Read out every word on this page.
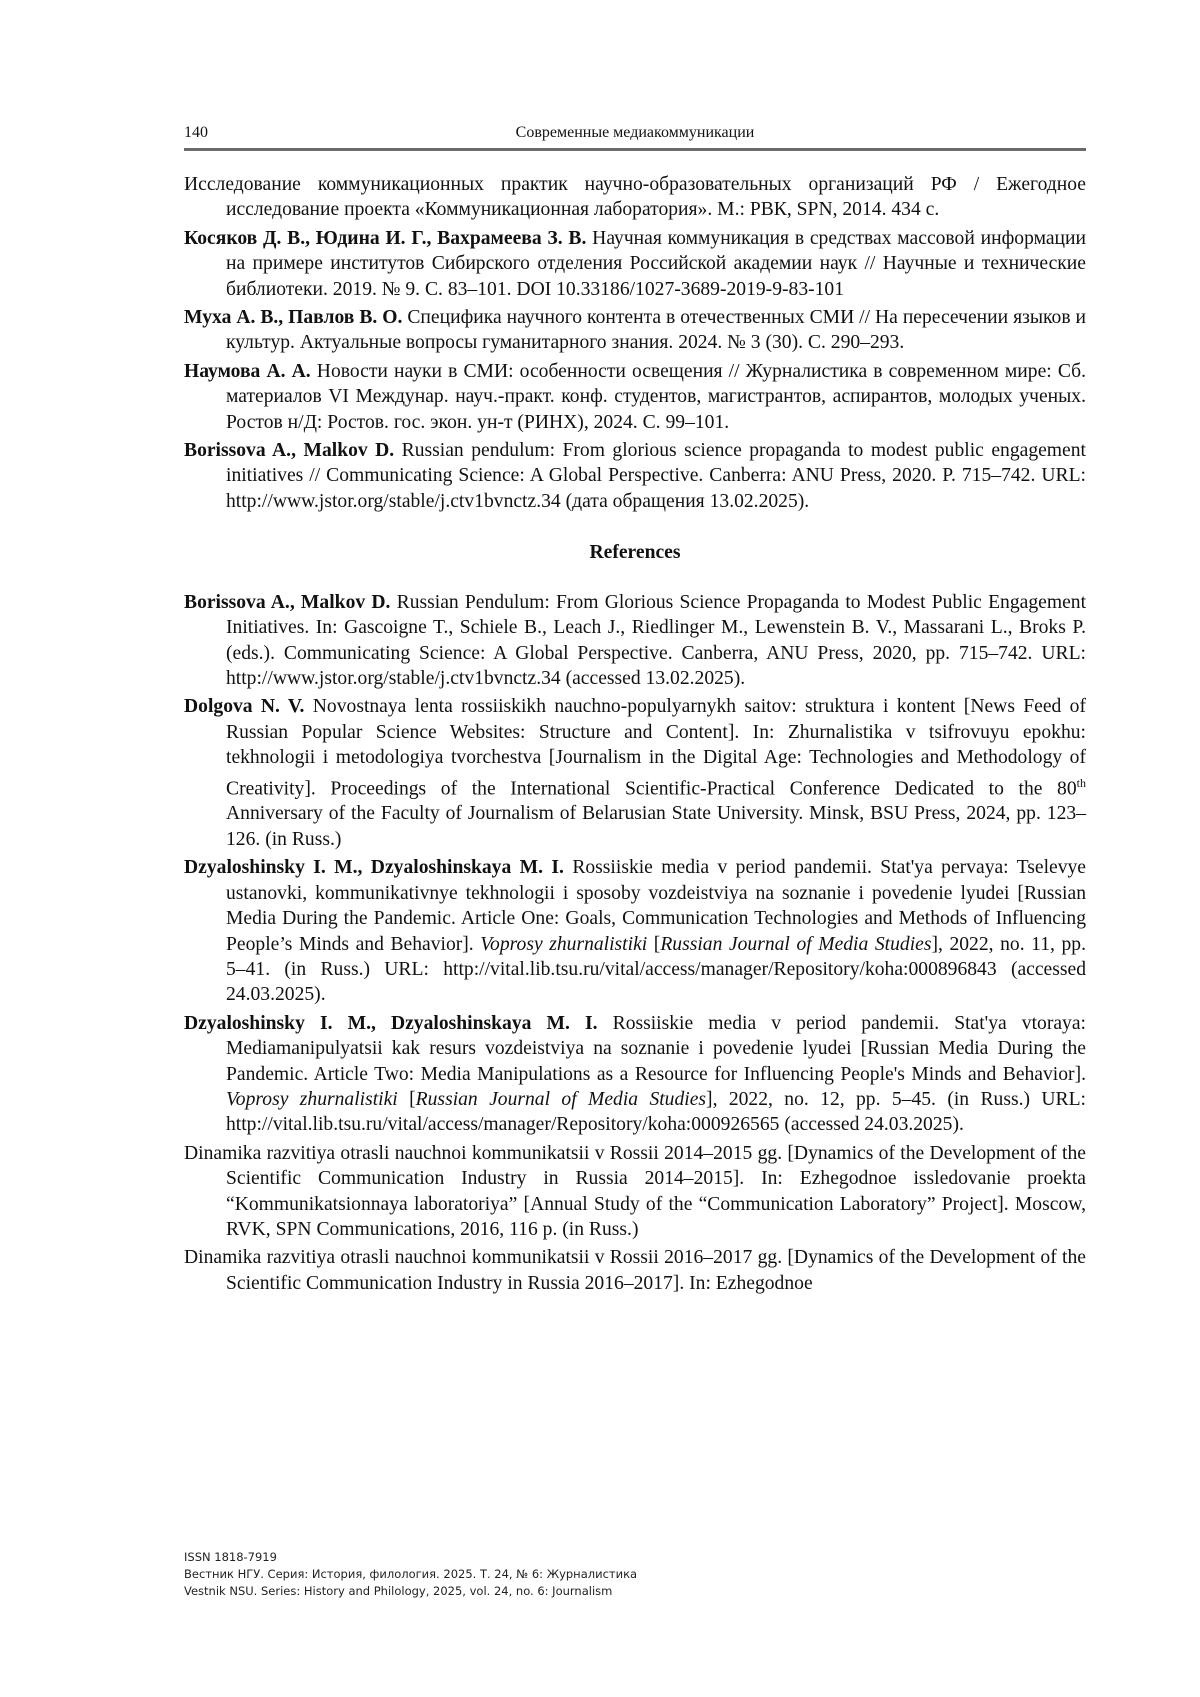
140	Современные медиакоммуникации

Исследование коммуникационных практик научно-образовательных организаций РФ / Ежегодное исследование проекта «Коммуникационная лаборатория». М.: РВК, SPN, 2014. 434 с.

Косяков Д. В., Юдина И. Г., Вахрамеева З. В. Научная коммуникация в средствах массовой информации на примере институтов Сибирского отделения Российской академии наук // Научные и технические библиотеки. 2019. № 9. С. 83–101. DOI 10.33186/1027-3689-2019-9-83-101

Муха А. В., Павлов В. О. Специфика научного контента в отечественных СМИ // На пересечении языков и культур. Актуальные вопросы гуманитарного знания. 2024. № 3 (30). С. 290–293.

Наумова А. А. Новости науки в СМИ: особенности освещения // Журналистика в современном мире: Сб. материалов VI Междунар. науч.-практ. конф. студентов, магистрантов, аспирантов, молодых ученых. Ростов н/Д: Ростов. гос. экон. ун-т (РИНХ), 2024. С. 99–101.

Borissova A., Malkov D. Russian pendulum: From glorious science propaganda to modest public engagement initiatives // Communicating Science: A Global Perspective. Canberra: ANU Press, 2020. P. 715–742. URL: http://www.jstor.org/stable/j.ctv1bvnctz.34 (дата обращения 13.02.2025).

References

Borissova A., Malkov D. Russian Pendulum: From Glorious Science Propaganda to Modest Public Engagement Initiatives. In: Gascoigne T., Schiele B., Leach J., Riedlinger M., Lewenstein B. V., Massarani L., Broks P. (eds.). Communicating Science: A Global Perspective. Canberra, ANU Press, 2020, pp. 715–742. URL: http://www.jstor.org/stable/j.ctv1bvnctz.34 (accessed 13.02.2025).

Dolgova N. V. Novostnaya lenta rossiiskikh nauchno-populyarnykh saitov: struktura i kontent [News Feed of Russian Popular Science Websites: Structure and Content]. In: Zhurnalistika v tsifrovuyu epokhu: tekhnologii i metodologiya tvorchestva [Journalism in the Digital Age: Technologies and Methodology of Creativity]. Proceedings of the International Scientific-Practical Conference Dedicated to the 80th Anniversary of the Faculty of Journalism of Belarusian State University. Minsk, BSU Press, 2024, pp. 123–126. (in Russ.)

Dzyaloshinsky I. M., Dzyaloshinskaya M. I. Rossiiskie media v period pandemii. Stat'ya pervaya: Tselevye ustanovki, kommunikativnye tekhnologii i sposoby vozdeistviya na soznanie i povedenie lyudei [Russian Media During the Pandemic. Article One: Goals, Communication Technologies and Methods of Influencing People’s Minds and Behavior]. Voprosy zhurnalistiki [Russian Journal of Media Studies], 2022, no. 11, pp. 5–41. (in Russ.) URL: http://vital.lib.tsu.ru/vital/access/manager/Repository/koha:000896843 (accessed 24.03.2025).

Dzyaloshinsky I. M., Dzyaloshinskaya M. I. Rossiiskie media v period pandemii. Stat'ya vtoraya: Mediamanipulyatsii kak resurs vozdeistviya na soznanie i povedenie lyudei [Russian Media During the Pandemic. Article Two: Media Manipulations as a Resource for Influencing People's Minds and Behavior]. Voprosy zhurnalistiki [Russian Journal of Media Studies], 2022, no. 12, pp. 5–45. (in Russ.) URL: http://vital.lib.tsu.ru/vital/access/manager/Repository/koha:000926565 (accessed 24.03.2025).

Dinamika razvitiya otrasli nauchnoi kommunikatsii v Rossii 2014–2015 gg. [Dynamics of the Development of the Scientific Communication Industry in Russia 2014–2015]. In: Ezhegodnoe issledovanie proekta “Kommunikatsionnaya laboratoriya” [Annual Study of the “Communication Laboratory” Project]. Moscow, RVK, SPN Communications, 2016, 116 p. (in Russ.)

Dinamika razvitiya otrasli nauchnoi kommunikatsii v Rossii 2016–2017 gg. [Dynamics of the Development of the Scientific Communication Industry in Russia 2016–2017]. In: Ezhegodnoe

ISSN 1818-7919
Вестник НГУ. Серия: История, филология. 2025. Т. 24, № 6: Журналистика
Vestnik NSU. Series: History and Philology, 2025, vol. 24, no. 6: Journalism
